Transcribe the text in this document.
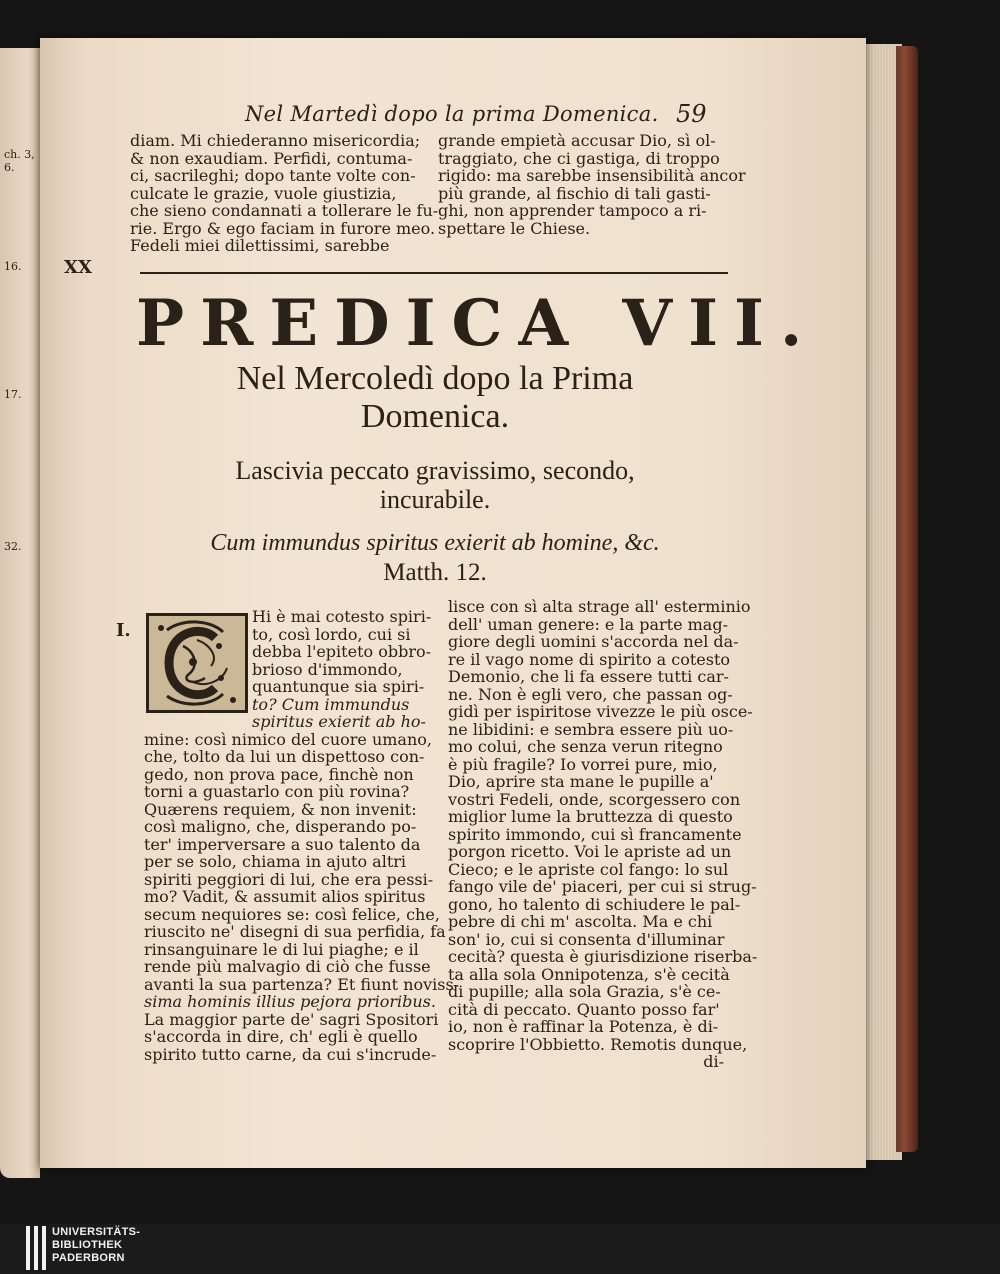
ch. 3, 6.
16.
17.
32.
Nel Martedì dopo la prima Domenica. 59
diam. Mi chiederanno misericordia;
& non exaudiam. Perfidi, contuma-
ci, sacrileghi; dopo tante volte con-
culcate le grazie, vuole giustizia,
che sieno condannati a tollerare le fu-
rie. Ergo & ego faciam in furore meo.
Fedeli miei dilettissimi, sarebbe
grande empietà accusar Dio, sì ol-
traggiato, che ci gastiga, di troppo
rigido: ma sarebbe insensibilità ancor
più grande, al fischio di tali gasti-
ghi, non apprender tampoco a ri-
spettare le Chiese.
XX
PREDICA VII.
Nel Mercoledì dopo la Prima
Domenica.
Lascivia peccato gravissimo, secondo,
incurabile.
Cum immundus spiritus exierit ab homine, &c.
Matth. 12.
I.
Hi è mai cotesto spiri-
to, così lordo, cui si
debba l'epiteto obbro-
brioso d'immondo,
quantunque sia spiri-
to? Cum immundus
spiritus exierit ab ho-
mine: così nimico del cuore umano,
che, tolto da lui un dispettoso con-
gedo, non prova pace, finchè non
torni a guastarlo con più rovina?
Quærens requiem, & non invenit:
così maligno, che, disperando po-
ter' imperversare a suo talento da
per se solo, chiama in ajuto altri
spiriti peggiori di lui, che era pessi-
mo? Vadit, & assumit alios spiritus
secum nequiores se: così felice, che,
riuscito ne' disegni di sua perfidia, fa
rinsanguinare le di lui piaghe; e il
rende più malvagio di ciò che fusse
avanti la sua partenza? Et fiunt noviss-
sima hominis illius pejora prioribus.
La maggior parte de' sagri Spositori
s'accorda in dire, ch' egli è quello
spirito tutto carne, da cui s'incrude-
lisce con sì alta strage all' esterminio
dell' uman genere: e la parte mag-
giore degli uomini s'accorda nel da-
re il vago nome di spirito a cotesto
Demonio, che li fa essere tutti car-
ne. Non è egli vero, che passan og-
gidì per ispiritose vivezze le più osce-
ne libidini: e sembra essere più uo-
mo colui, che senza verun ritegno
è più fragile? Io vorrei pure, mio,
Dio, aprire sta mane le pupille a'
vostri Fedeli, onde, scorgessero con
miglior lume la bruttezza di questo
spirito immondo, cui sì francamente
porgon ricetto. Voi le apriste ad un
Cieco; e le apriste col fango: lo sul
fango vile de' piaceri, per cui si strug-
gono, ho talento di schiudere le pal-
pebre di chi m' ascolta. Ma e chi
son' io, cui si consenta d'illuminar
cecità? questa è giurisdizione riserba-
ta alla sola Onnipotenza, s'è cecità
di pupille; alla sola Grazia, s'è ce-
cità di peccato. Quanto posso far'
io, non è raffinar la Potenza, è di-
scoprire l'Obbietto. Remotis dunque,
di-
UNIVERSITÄTS-
BIBLIOTHEK
PADERBORN
